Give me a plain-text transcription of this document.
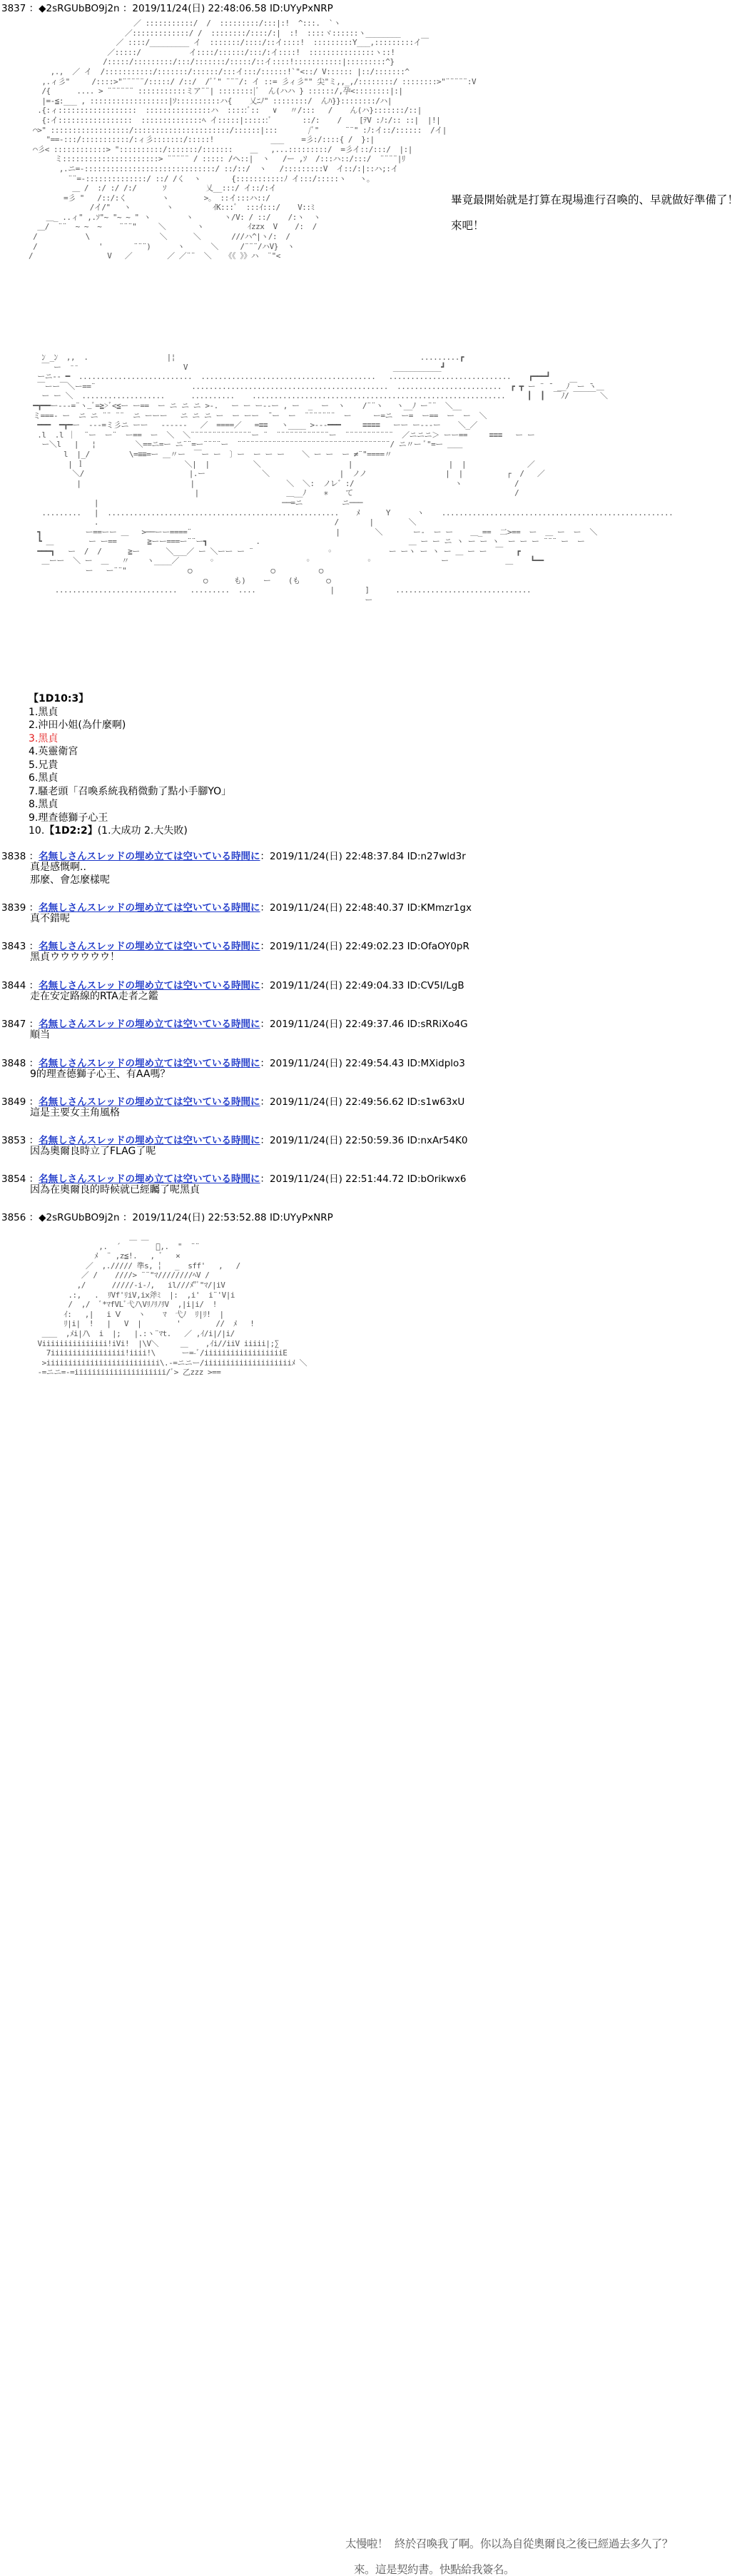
3837 ：◆2sRGUbBO9j2n ：2019/11/24(日) 22:48:06.58 ID:UYyPxNRP
／ :::::::::::/  /  :::::::::/:::|:!  ^:::.  `ヽ
／:::::::::::::/ /  ::::::::/::::/:|  :!  ::::ヾ::::::ヽ________
／ ::::/_________ イ  :::::::/::::/::イ::::!  :::::::::Y___,:::::::::イ￣
／:::::/           イ::::/::::::/:::/:イ::::!  :::::::::::::::ヽ::!
/:::::/:::::::::/:::/:::::::/:::::/::イ::::!:::::::::::|:::::::::^}
,.,  ／ イ  /:::::::::::/:::::::/::::::/:::イ:::/::::::!`"<::/ V:::::: |::/:::::::^
,.ィ彡"     /::::>"¨¨¨¨¨/:::::/ /::/  /ﾞﾞ" ¨¨¨/: イ ::= 彡ィ彡"" 尖"ミ,,_,/::::::::/ ::::::::>"¨¨¨¨¨:V
/{      .... > ¨¨¨¨¨¨ :::::::::::ミア¨¨| ::::::::|ﾞ  ん(ハハ } ::::::/,孕<::::::::|:|
|=-≦:___ , ::::::::::::::::::|ｿ::::::::::ハ{    乂ﾆﾉ" ::::::::/  んﾊ}}::::::::/ハ|
.{:ィ::::::::::::::::::  :::::::::::::::ハ  :::::ﾞ::   ∨   〃/:::   /    ん(ハ}:::::::/::|
{:イ:::::::::::::::::  ::::::::::::::ﾍ イ:::::|::::::ﾞ       ::/:    /    [ﾃV :ﾉ:/:: ::|  |!|
⌒>" ::::::::::::::::::/::::::::::::::::::::::/::::::|:::       /ﾞ"      ¨¨" :ﾉ:イ::/::::::  /イ|
"==-:::/:::::::::::/:ィ彡:::::::/:::::!             ___    =彡:/::::{ /  }:|
⌒彡< ::::::::::::> "::::::::::/:::::::/:::::::    ＿   ,...:::::::::/  =彡イ::/:::/  |:|
ミ::::::::::::::::::::::> ¨¨¨¨¨ / ::::: /ヘ::|  ヽ   /ー ,ｿ  /:::ハ::/:::/  ¨¨¨¨|ﾘ
,.ニ=-::::::::::::::::::::::::::::::/ ::/::/  ヽ   /:::::::::V  イ::/:|::ハ;:イ
¨¨=-::::::::::::::/ ::/ /く  ヽ       {:::::::::::ﾉ イ:::/:::::ヽ   ヽ。
＿ /  :/ :/ /:/      ｿ         乂__:::/ イ::/:イ
=彡 "   /::/:く        ヽ        >。 ::イ:::ハ::/
/イ/"   ヽ        ヽ         ｲK:::ﾞ  :::ｲ:::/    V::ﾐ
＿_ ..ィ" ,.ｿ"~ "~ ~ " ヽ        ヽ       ヽ/V: / ::/    /:ヽ  ヽ
＿/  ¨¨  ~ ~  ~    ¨¨¨"     ＼       ヽ          ｲzzx  V    /:  /
/           \                ＼      ＼       ///ハ^|ヽ/:  /
/              '       ¨¨¨)      ヽ      ＼     /¨¨¨/ハV}  ヽ
/                 V   ／        ／ ／¨¨  ＼   《《 》》ハ  ¨"<
畢竟最開始就是打算在現場進行召喚的、早就做好準備了！
來吧！
ﾝ _ﾝ  ,,  .                  |¦                                                        .........┏
￣ ー  ⁻⁻                        V                                               ___________┛
ーニ-- ━  ..........................  ........................................   ............................    ┏━━━┛
￣ーー￣＼ー==¨                      .............................................  ........................  ┏ ┳ ー ¨ ̄  __ﾉ￣ー ̄ヽ＿
ー ー ＼  ...................      ..........    ..........................................................     ┃  ┃  ￣ﾉ/ ￣￣￣ ＼
━┳━━ー---=¨ヽ_ﾞ=≧>ﾞ<≦ー ー==  ー ニ ニ ニ >-.   ー ー ー--ー , ー  _  ー  ヽ    /¨¨ヽ   ヽ__ﾉ ー¨¨  ＼__
ミ===- ー  ニ ニ ¨¨ ¨¨  ニ ーーー   ニ ニ ニ ー  ー ーー  ̄ ー  ー  ¨¨¨¨¨¨¨  ー     ー=ニ  ー=  ー==  ー  ー  ＼
━━━  ━┳━ー  ---=ミ彡ニ ーー   ------   ／  ====／   =≡≡   ヽ____ >---━━━     ≡≡≡≡   ーー ー---ー    ＼_／
.l  .l ｜  ¨ー  ー¨  ー==  ー  ＼  ＼¨¨¨¨¨¨¨¨¨¨¨¨¨¨ー ¨  ¨¨¨¨¨¨¨¨¨¨¨¨ー  ¨¨¨¨¨¨¨¨¨¨¨  ／ニニニ＞ ーー==     ≡≡≡   ー ー
ー＼l   |   ¦         ＼==ニ=ー ニ¨¨=ー¨¨¨¨ー  ¨¨¨¨¨¨¨¨¨¨¨¨¨¨¨¨¨¨¨¨¨¨¨¨¨¨¨¨¨¨¨¨¨¨¨/ ニ〃ー ﾞ"=ー ＿＿
l  |_/         \=≡≡=ー ＿〃ー  ￣ー ー  〕ー  ー ー ー    ＼ ー ー  ー ≠¨"====〃
| ｌ                       ＼|  |          ＼                    |                      |  |              ／
＼/                        |.ー             ＼                |  ノノ                  |  |          ┌  /   ／
|                         |                     ＼  ＼:  ノレ゛:/                       ヽ            /
|                    ＿__ﾉ    ✳    て                                     /
|                                          ──=ニ         ニ───
.........   |  .....................................................    ﾒ      Y      ヽ    .....................................................
.                                                      /       |        ＼
┓          ー==ーー ＿   >──ーー====¨                                 |        ＼       ー-  ー ー    ＿_==  二>==  ー  ＿ ー  ー  ＼
┗ ＿        ー ー==       ≧ーー===ー¨¨ー┓           .                                  ＿ ー ー ニ ヽ ー ー ヽ  ー ー ー ¨¨¨ ー  ー
━━━┓   ー  /  /      ≧ー      ＼___／ ー ＼ーー ー ¨                 ◦             ー ーヽ ー ヽ ー ＿ ー ー  ￣   ┏
＿ーー  ＼ ー  ＿   〃    ヽ____／       ◦                     ◦             ◦                ー             ＿    ┗━━
ー   ー¨¨"              ○                  ○          ○
○      も)    ー    (も      ○
............................   .........  ....                 |       ]      ...............................
ー
【1D10:3】
1.黑貞
2.沖田小姐(為什麼啊)
3.黑貞
4.英靈衛宮
5.兄貴
6.黑貞
7.騷老頭「召喚系統我稍微動了點小手腳YO」
8.黑貞
9.理查德獅子心王
10.【1D2:2】(1.大成功 2.大失敗)
3838 ：名無しさんスレッドの埋め立ては空いている時間に：2019/11/24(日) 22:48:37.84 ID:n27wld3r
真是感慨啊..
那麼、會怎麼樣呢
3839 ：名無しさんスレッドの埋め立ては空いている時間に：2019/11/24(日) 22:48:40.37 ID:KMmzr1gx
真不錯呢
3843 ：名無しさんスレッドの埋め立ては空いている時間に：2019/11/24(日) 22:49:02.23 ID:OfaOY0pR
黑貞ウウウウウウ！
3844 ：名無しさんスレッドの埋め立ては空いている時間に：2019/11/24(日) 22:49:04.33 ID:CV5I/LgB
走在安定路線的RTA走者之鑑
3847 ：名無しさんスレッドの埋め立ては空いている時間に：2019/11/24(日) 22:49:37.46 ID:sRRiXo4G
順当
3848 ：名無しさんスレッドの埋め立ては空いている時間に：2019/11/24(日) 22:49:54.43 ID:MXidplo3
9的理查德獅子心王、有AA嗎？
3849 ：名無しさんスレッドの埋め立ては空いている時間に：2019/11/24(日) 22:49:56.62 ID:s1w63xU
這是主要女主角風格
3853 ：名無しさんスレッドの埋め立ては空いている時間に：2019/11/24(日) 22:50:59.36 ID:nxAr54K0
因為奧爾良時立了FLAG了呢
3854 ：名無しさんスレッドの埋め立ては空いている時間に：2019/11/24(日) 22:51:44.72 ID:bOrikwx6
因為在奧爾良的時候就已經矚了呢黑貞
3856 ：◆2sRGUbBO9j2n ：2019/11/24(日) 22:53:52.88 ID:UYyPxNRP
＿ ＿
,.  ´        ﾞ,.  "  ¨¨
ﾒ  ¨ ,z≦!.   , ﾞ   ×
／  ,.///// 準s, ╎   _  sff'   ,   /
／ /    ////> ¨¨"ﾏ////////ﾍV /
,/      /////-i-ﾉ,   il///ﾒ"ﾞ"ﾏ/|iV
.:,   .  ﾘVf'ﾘiV,ix斧ﾐ  |:  ,i'  i¨'V|i
/  ,/  ﾞ*ﾏfVLﾞ弋ﾉ\VﾘﾉﾘﾉﾘV  ,|i|i/  !
ｲ:   ,|   i Ⅴ    ヽ    ﾏ  弋ﾉ  ﾘ|ﾘ!  |
ﾘ|i|  !   |   V  |        '        //  ﾒ   !
＿＿  ,ﾒi|ﾉ\  i  |;   |.:ヽ¨ﾏt.   ／ ,ｲ/i|/|i/
Viiiiiiiiiiiiiii!iVi!  |\V＼     ＿    ,ｲi//iiV iiiii|;∑
7iiiiiiiiiiiiiiiii!iiii!\      ー=-ﾞ/iiiiiiiiiiiiiiiiiiE
>iiiiiiiiiiiiiiiiiiiiiiiiii\.-=ニニー/iiiiiiiiiiiiiiiiiiiiﾒ ＼
-=ニニ=-=iiiiiiiiiiiiiiiiiiiii/ﾞ> 乙zzz >==

太慢啦！ 終於召喚我了啊。你以為自從奧爾良之後已經過去多久了？

來。這是契約書。快點給我簽名。
